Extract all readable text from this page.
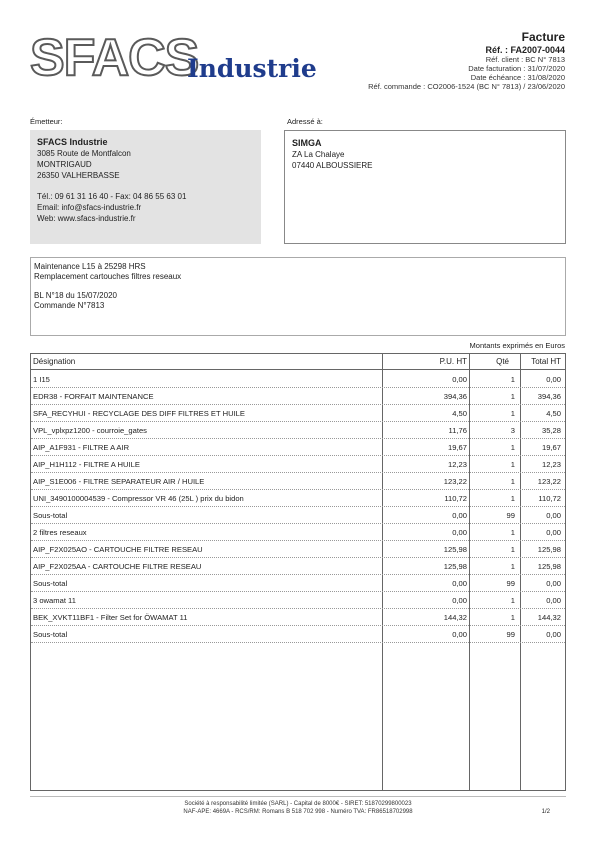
SFACS
Industrie
Facture
Réf. : FA2007-0044
Réf. client : BC N° 7813
Date facturation : 31/07/2020
Date échéance : 31/08/2020
Réf. commande : CO2006-1524 (BC N° 7813) / 23/06/2020
Émetteur:	Adressé à:
SFACS Industrie
3085 Route de Montfalcon
MONTRIGAUD
26350 VALHERBASSE
Tél.: 09 61 31 16 40 - Fax: 04 86 55 63 01
Email: info@sfacs-industrie.fr
Web: www.sfacs-industrie.fr
SIMGA
ZA La Chalaye
07440 ALBOUSSIERE
Maintenance L15 à 25298 HRS
Remplacement cartouches filtres reseaux
BL N°18 du 15/07/2020
Commande N°7813
Montants exprimés en Euros
Désignation	P.U. HT	Qté	Total HT
1 I15	0,00	1	0,00
EDR38 - FORFAIT MAINTENANCE	394,36	1	394,36
SFA_RECYHUI - RECYCLAGE DES DIFF FILTRES ET HUILE	4,50	1	4,50
VPL_vplxpz1200 - courroie_gates	11,76	3	35,28
AIP_A1F931 - FILTRE A AIR	19,67	1	19,67
AIP_H1H112 - FILTRE A HUILE	12,23	1	12,23
AIP_S1E006 - FILTRE SEPARATEUR AIR / HUILE	123,22	1	123,22
UNI_3490100004539 - Compressor VR 46 (25L ) prix du bidon	110,72	1	110,72
Sous-total	0,00	99	0,00
2 filtres reseaux	0,00	1	0,00
AIP_F2X025AO - CARTOUCHE FILTRE RESEAU	125,98	1	125,98
AIP_F2X025AA - CARTOUCHE FILTRE RESEAU	125,98	1	125,98
Sous-total	0,00	99	0,00
3 owamat 11	0,00	1	0,00
BEK_XVKT11BF1 - Filter Set for ÖWAMAT 11	144,32	1	144,32
Sous-total	0,00	99	0,00
Société à responsabilité limitée (SARL) - Capital de 8000€ - SIRET: 51870299800023
NAF-APE: 4669A - RCS/RM: Romans B 518 702 998 - Numéro TVA: FR86518702998	1/2
